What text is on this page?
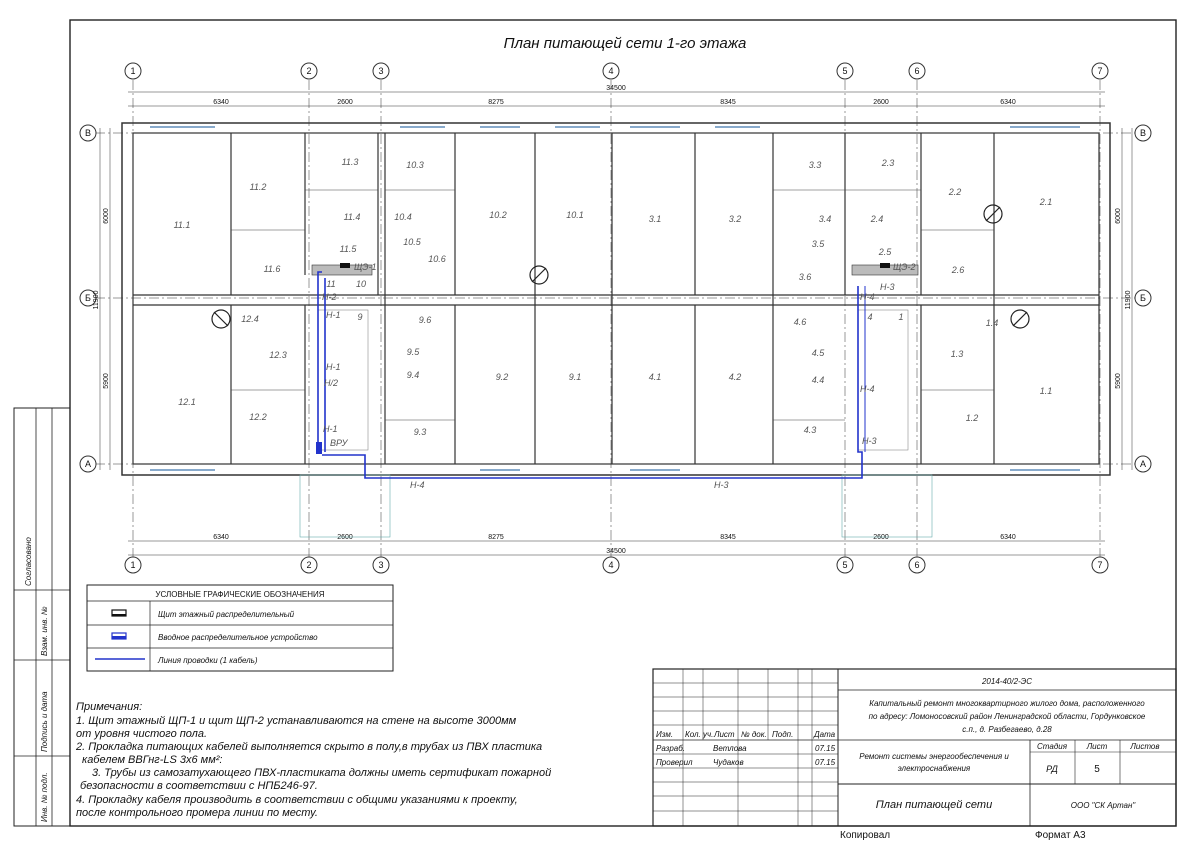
Согласовано
Взам. инв. №
Подпись и дата
Инв. № подл.
План питающей сети 1-го этажа
1	2	3	4	5	6	7
1	2	3	4	5	6	7
В
Б
А
В
Б
А
34500
6340	2600	8275	8345	2600	6340
6340	2600	8275	8345	2600	6340
34500
11900
6000
5900
11900
6000
5900
11.1
11.2
11.3
11.4
11.5
11.6
10.3
10.4
10.5
10.6
10.2	10.1	3.1	3.2
3.3
3.4
3.5
3.6
2.3
2.4
2.5
2.2
2.1
2.6
12.1
12.2
12.3
12.4	9.6
9.5
9.4
9.3
9.2	9.1	4.1	4.2
4.3
4.4
4.5
4.6
1.1
1.2
1.3
1.4
11 10
9	4	1
Н-2
Н-1
Н-1
Н/2
Н-1
Н-4	Н-3
Н-3
Н-4
Н-4
Н-3
ЩЭ-1	ЩЭ-2
ВРУ
УСЛОВНЫЕ ГРАФИЧЕСКИЕ ОБОЗНАЧЕНИЯ
Щит этажный распределительный
Вводное распределительное устройство
Линия проводки (1 кабель)
Примечания:
1. Щит этажный ЩП-1 и щит ЩП-2 устанавливаются на стене на высоте 3000мм
от уровня чистого пола.
2. Прокладка питающих кабелей выполняется скрыто в полу,в трубах из ПВХ пластика
кабелем ВВГнг-LS 3х6 мм²:
3. Трубы из самозатухающего ПВХ-пластиката должны иметь сертификат пожарной
безопасности в соответствии с НПБ246-97.
4. Прокладку кабеля производить в соответствии с общими указаниями к проекту,
после контрольного промера линии по месту.
2014-40/2-ЭС
Капитальный ремонт многоквартирного жилого дома, расположенного
по адресу: Ломоносовский район Ленинградской области, Гордунковское
с.п., д. Разбегаево, д.28
Изм. Кол. уч. Лист № док. Подп.	Дата
Разраб.	Ветлова	07.15
Проверил	Чудаков	07.15
Ремонт системы энергообеспечения и
электроснабжения
Стадия Лист	Листов
РД	5
План питающей сети	ООО "СК Артан"
Копировал	Формат А3
